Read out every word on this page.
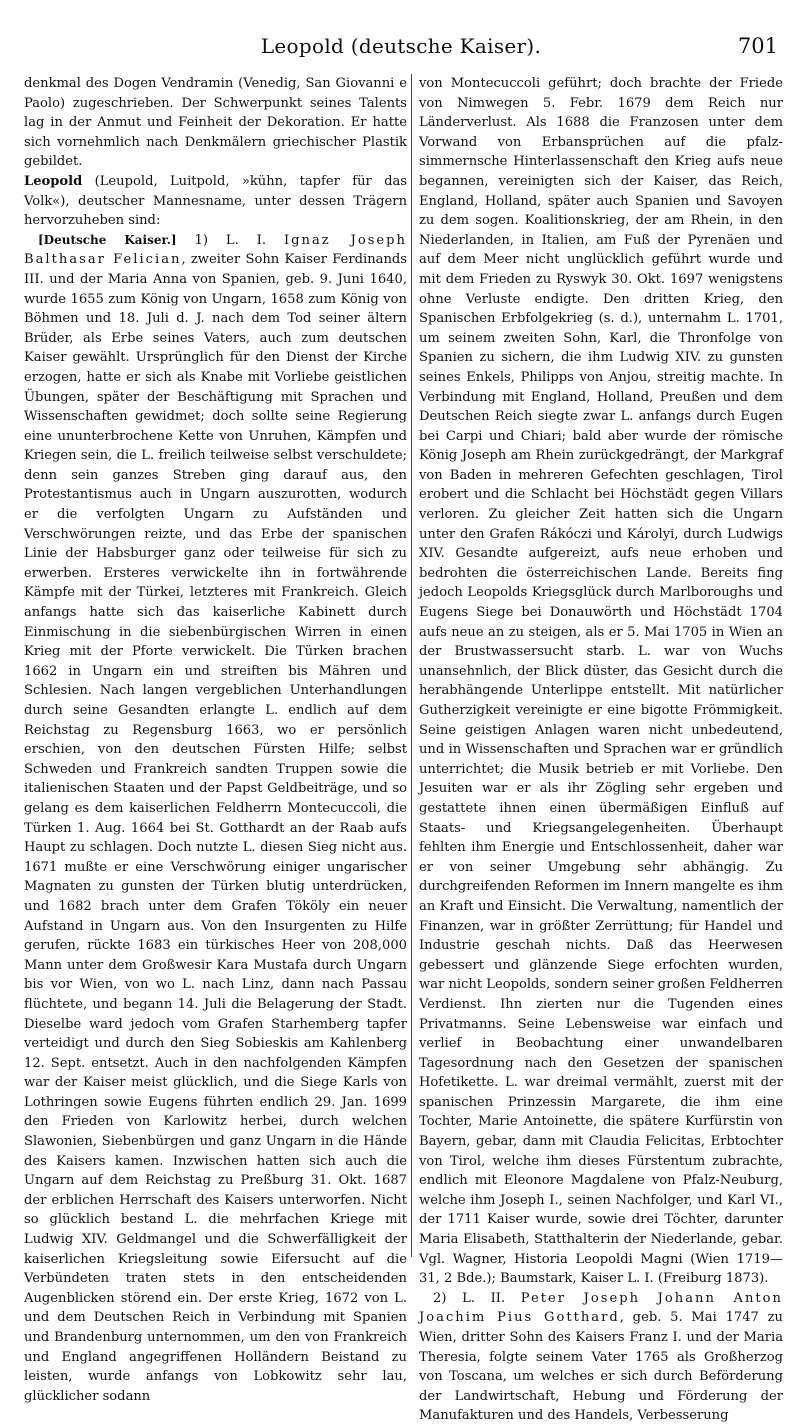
Leopold (deutsche Kaiser).	701

denkmal des Dogen Vendramin (Venedig, San Giovanni e Paolo) zugeschrieben. Der Schwerpunkt seines Talents lag in der Anmut und Feinheit der Dekoration. Er hatte sich vornehmlich nach Denkmälern griechischer Plastik gebildet.

Leopold (Leupold, Luitpold, »kühn, tapfer für das Volk«), deutscher Mannesname, unter dessen Trägern hervorzuheben sind:

[Deutsche Kaiser.] 1) L. I. Ignaz Joseph Balthasar Felician, zweiter Sohn Kaiser Ferdinands III. und der Maria Anna von Spanien, geb. 9. Juni 1640, wurde 1655 zum König von Ungarn, 1658 zum König von Böhmen und 18. Juli d. J. nach dem Tod seiner ältern Brüder, als Erbe seines Vaters, auch zum deutschen Kaiser gewählt. Ursprünglich für den Dienst der Kirche erzogen, hatte er sich als Knabe mit Vorliebe geistlichen Übungen, später der Beschäftigung mit Sprachen und Wissenschaften gewidmet; doch sollte seine Regierung eine ununterbrochene Kette von Unruhen, Kämpfen und Kriegen sein, die L. freilich teilweise selbst verschuldete; denn sein ganzes Streben ging darauf aus, den Protestantismus auch in Ungarn auszurotten, wodurch er die verfolgten Ungarn zu Aufständen und Verschwörungen reizte, und das Erbe der spanischen Linie der Habsburger ganz oder teilweise für sich zu erwerben. Ersteres verwickelte ihn in fortwährende Kämpfe mit der Türkei, letzteres mit Frankreich. Gleich anfangs hatte sich das kaiserliche Kabinett durch Einmischung in die siebenbürgischen Wirren in einen Krieg mit der Pforte verwickelt. Die Türken brachen 1662 in Ungarn ein und streiften bis Mähren und Schlesien. Nach langen vergeblichen Unterhandlungen durch seine Gesandten erlangte L. endlich auf dem Reichstag zu Regensburg 1663, wo er persönlich erschien, von den deutschen Fürsten Hilfe; selbst Schweden und Frankreich sandten Truppen sowie die italienischen Staaten und der Papst Geldbeiträge, und so gelang es dem kaiserlichen Feldherrn Montecuccoli, die Türken 1. Aug. 1664 bei St. Gotthardt an der Raab aufs Haupt zu schlagen. Doch nutzte L. diesen Sieg nicht aus. 1671 mußte er eine Verschwörung einiger ungarischer Magnaten zu gunsten der Türken blutig unterdrücken, und 1682 brach unter dem Grafen Tököly ein neuer Aufstand in Ungarn aus. Von den Insurgenten zu Hilfe gerufen, rückte 1683 ein türkisches Heer von 208,000 Mann unter dem Großwesir Kara Mustafa durch Ungarn bis vor Wien, von wo L. nach Linz, dann nach Passau flüchtete, und begann 14. Juli die Belagerung der Stadt. Dieselbe ward jedoch vom Grafen Starhemberg tapfer verteidigt und durch den Sieg Sobieskis am Kahlenberg 12. Sept. entsetzt. Auch in den nachfolgenden Kämpfen war der Kaiser meist glücklich, und die Siege Karls von Lothringen sowie Eugens führten endlich 29. Jan. 1699 den Frieden von Karlowitz herbei, durch welchen Slawonien, Siebenbürgen und ganz Ungarn in die Hände des Kaisers kamen. Inzwischen hatten sich auch die Ungarn auf dem Reichstag zu Preßburg 31. Okt. 1687 der erblichen Herrschaft des Kaisers unterworfen. Nicht so glücklich bestand L. die mehrfachen Kriege mit Ludwig XIV. Geldmangel und die Schwerfälligkeit der kaiserlichen Kriegsleitung sowie Eifersucht auf die Verbündeten traten stets in den entscheidenden Augenblicken störend ein. Der erste Krieg, 1672 von L. und dem Deutschen Reich in Verbindung mit Spanien und Brandenburg unternommen, um den von Frankreich und England angegriffenen Holländern Beistand zu leisten, wurde anfangs von Lobkowitz sehr lau, glücklicher sodann

von Montecuccoli geführt; doch brachte der Friede von Nimwegen 5. Febr. 1679 dem Reich nur Länderverlust. Als 1688 die Franzosen unter dem Vorwand von Erbansprüchen auf die pfalz-simmernsche Hinterlassenschaft den Krieg aufs neue begannen, vereinigten sich der Kaiser, das Reich, England, Holland, später auch Spanien und Savoyen zu dem sogen. Koalitionskrieg, der am Rhein, in den Niederlanden, in Italien, am Fuß der Pyrenäen und auf dem Meer nicht unglücklich geführt wurde und mit dem Frieden zu Ryswyk 30. Okt. 1697 wenigstens ohne Verluste endigte. Den dritten Krieg, den Spanischen Erbfolgekrieg (s. d.), unternahm L. 1701, um seinem zweiten Sohn, Karl, die Thronfolge von Spanien zu sichern, die ihm Ludwig XIV. zu gunsten seines Enkels, Philipps von Anjou, streitig machte. In Verbindung mit England, Holland, Preußen und dem Deutschen Reich siegte zwar L. anfangs durch Eugen bei Carpi und Chiari; bald aber wurde der römische König Joseph am Rhein zurückgedrängt, der Markgraf von Baden in mehreren Gefechten geschlagen, Tirol erobert und die Schlacht bei Höchstädt gegen Villars verloren. Zu gleicher Zeit hatten sich die Ungarn unter den Grafen Rákóczi und Károlyi, durch Ludwigs XIV. Gesandte aufgereizt, aufs neue erhoben und bedrohten die österreichischen Lande. Bereits fing jedoch Leopolds Kriegsglück durch Marlboroughs und Eugens Siege bei Donauwörth und Höchstädt 1704 aufs neue an zu steigen, als er 5. Mai 1705 in Wien an der Brustwassersucht starb. L. war von Wuchs unansehnlich, der Blick düster, das Gesicht durch die herabhängende Unterlippe entstellt. Mit natürlicher Gutherzigkeit vereinigte er eine bigotte Frömmigkeit. Seine geistigen Anlagen waren nicht unbedeutend, und in Wissenschaften und Sprachen war er gründlich unterrichtet; die Musik betrieb er mit Vorliebe. Den Jesuiten war er als ihr Zögling sehr ergeben und gestattete ihnen einen übermäßigen Einfluß auf Staats- und Kriegsangelegenheiten. Überhaupt fehlten ihm Energie und Entschlossenheit, daher war er von seiner Umgebung sehr abhängig. Zu durchgreifenden Reformen im Innern mangelte es ihm an Kraft und Einsicht. Die Verwaltung, namentlich der Finanzen, war in größter Zerrüttung; für Handel und Industrie geschah nichts. Daß das Heerwesen gebessert und glänzende Siege erfochten wurden, war nicht Leopolds, sondern seiner großen Feldherren Verdienst. Ihn zierten nur die Tugenden eines Privatmanns. Seine Lebensweise war einfach und verlief in Beobachtung einer unwandelbaren Tagesordnung nach den Gesetzen der spanischen Hofetikette. L. war dreimal vermählt, zuerst mit der spanischen Prinzessin Margarete, die ihm eine Tochter, Marie Antoinette, die spätere Kurfürstin von Bayern, gebar, dann mit Claudia Felicitas, Erbtochter von Tirol, welche ihm dieses Fürstentum zubrachte, endlich mit Eleonore Magdalene von Pfalz-Neuburg, welche ihm Joseph I., seinen Nachfolger, und Karl VI., der 1711 Kaiser wurde, sowie drei Töchter, darunter Maria Elisabeth, Statthalterin der Niederlande, gebar. Vgl. Wagner, Historia Leopoldi Magni (Wien 1719—31, 2 Bde.); Baumstark, Kaiser L. I. (Freiburg 1873).

2) L. II. Peter Joseph Johann Anton Joachim Pius Gotthard, geb. 5. Mai 1747 zu Wien, dritter Sohn des Kaisers Franz I. und der Maria Theresia, folgte seinem Vater 1765 als Großherzog von Toscana, um welches er sich durch Beförderung der Landwirtschaft, Hebung und Förderung der Manufakturen und des Handels, Verbesserung
